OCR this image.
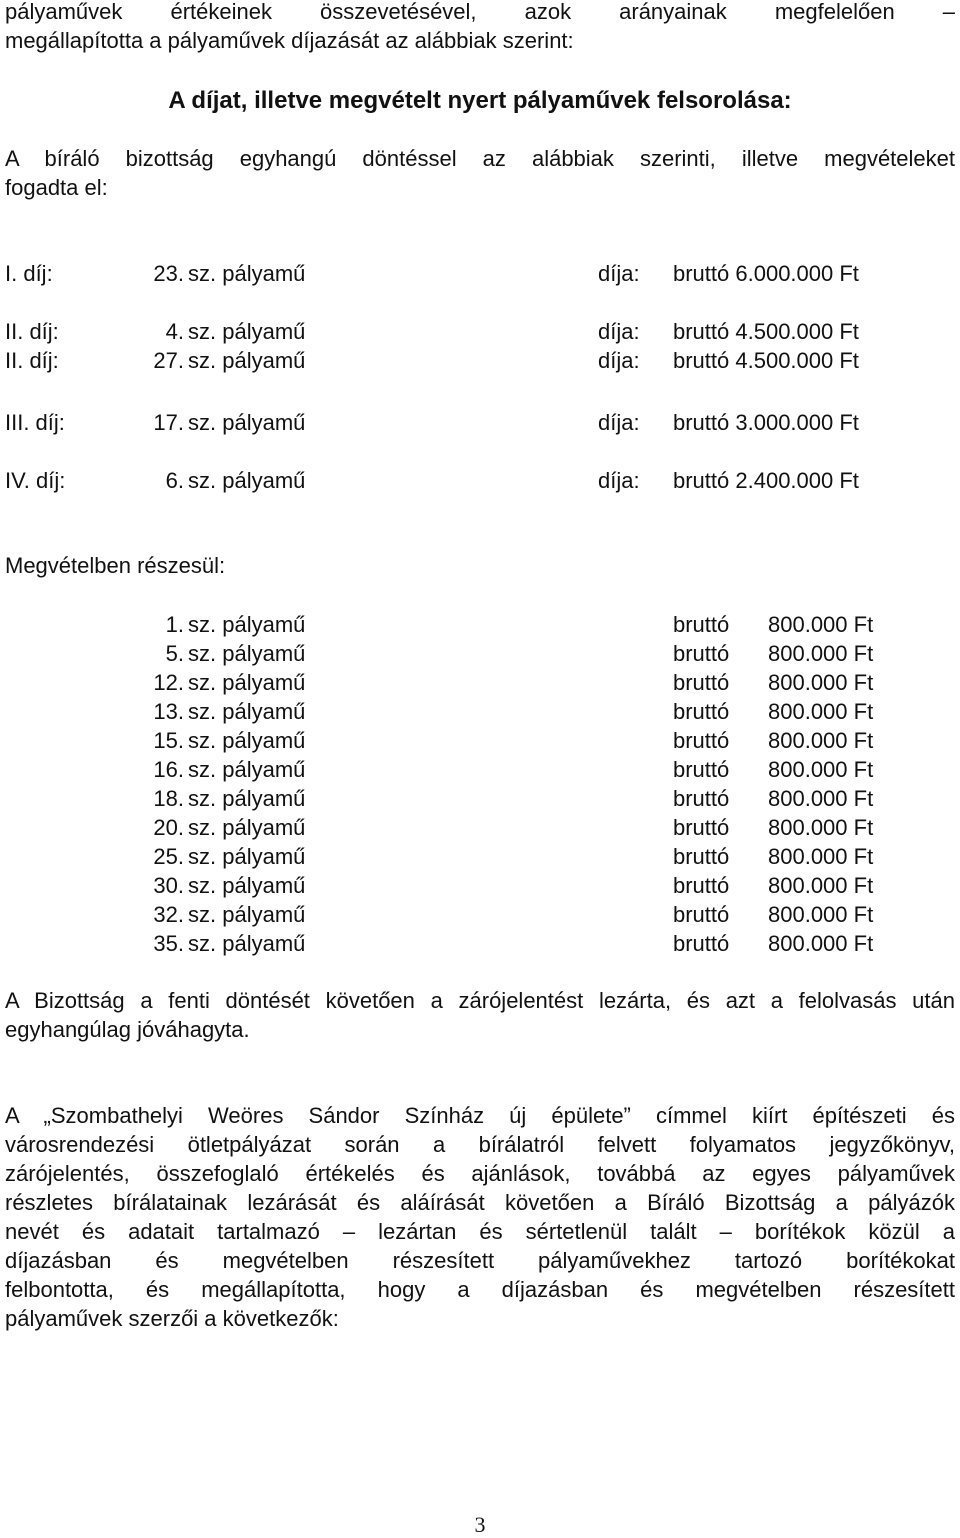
pályaművek értékeinek összevetésével, azok arányainak megfelelően –

megállapította a pályaművek díjazását az alábbiak szerint:

A díjat, illetve megvételt nyert pályaművek felsorolása:

A bíráló bizottság egyhangú döntéssel az alábbiak szerinti, illetve megvételeket

fogadta el:

I. díj:	23. sz. pályamű	díja: bruttó 6.000.000 Ft
II. díj:	4. sz. pályamű	díja: bruttó 4.500.000 Ft
II. díj:	27. sz. pályamű	díja: bruttó 4.500.000 Ft
III. díj:	17. sz. pályamű	díja: bruttó 3.000.000 Ft
IV. díj:	6. sz. pályamű	díja: bruttó 2.400.000 Ft

Megvételben részesül:

1. sz. pályamű	bruttó 800.000 Ft
5. sz. pályamű	bruttó 800.000 Ft
12. sz. pályamű	bruttó 800.000 Ft
13. sz. pályamű	bruttó 800.000 Ft
15. sz. pályamű	bruttó 800.000 Ft
16. sz. pályamű	bruttó 800.000 Ft
18. sz. pályamű	bruttó 800.000 Ft
20. sz. pályamű	bruttó 800.000 Ft
25. sz. pályamű	bruttó 800.000 Ft
30. sz. pályamű	bruttó 800.000 Ft
32. sz. pályamű	bruttó 800.000 Ft
35. sz. pályamű	bruttó 800.000 Ft

A Bizottság a fenti döntését követően a zárójelentést lezárta, és azt a felolvasás után

egyhangúlag jóváhagyta.

A „Szombathelyi Weöres Sándor Színház új épülete” címmel kiírt építészeti és

városrendezési ötletpályázat során a bírálatról felvett folyamatos jegyzőkönyv,

zárójelentés, összefoglaló értékelés és ajánlások, továbbá az egyes pályaművek

részletes bírálatainak lezárását és aláírását követően a Bíráló Bizottság a pályázók

nevét és adatait tartalmazó – lezártan és sértetlenül talált – borítékok közül a

díjazásban és megvételben részesített pályaművekhez tartozó borítékokat

felbontotta, és megállapította, hogy a díjazásban és megvételben részesített

pályaművek szerzői a következők:

3
